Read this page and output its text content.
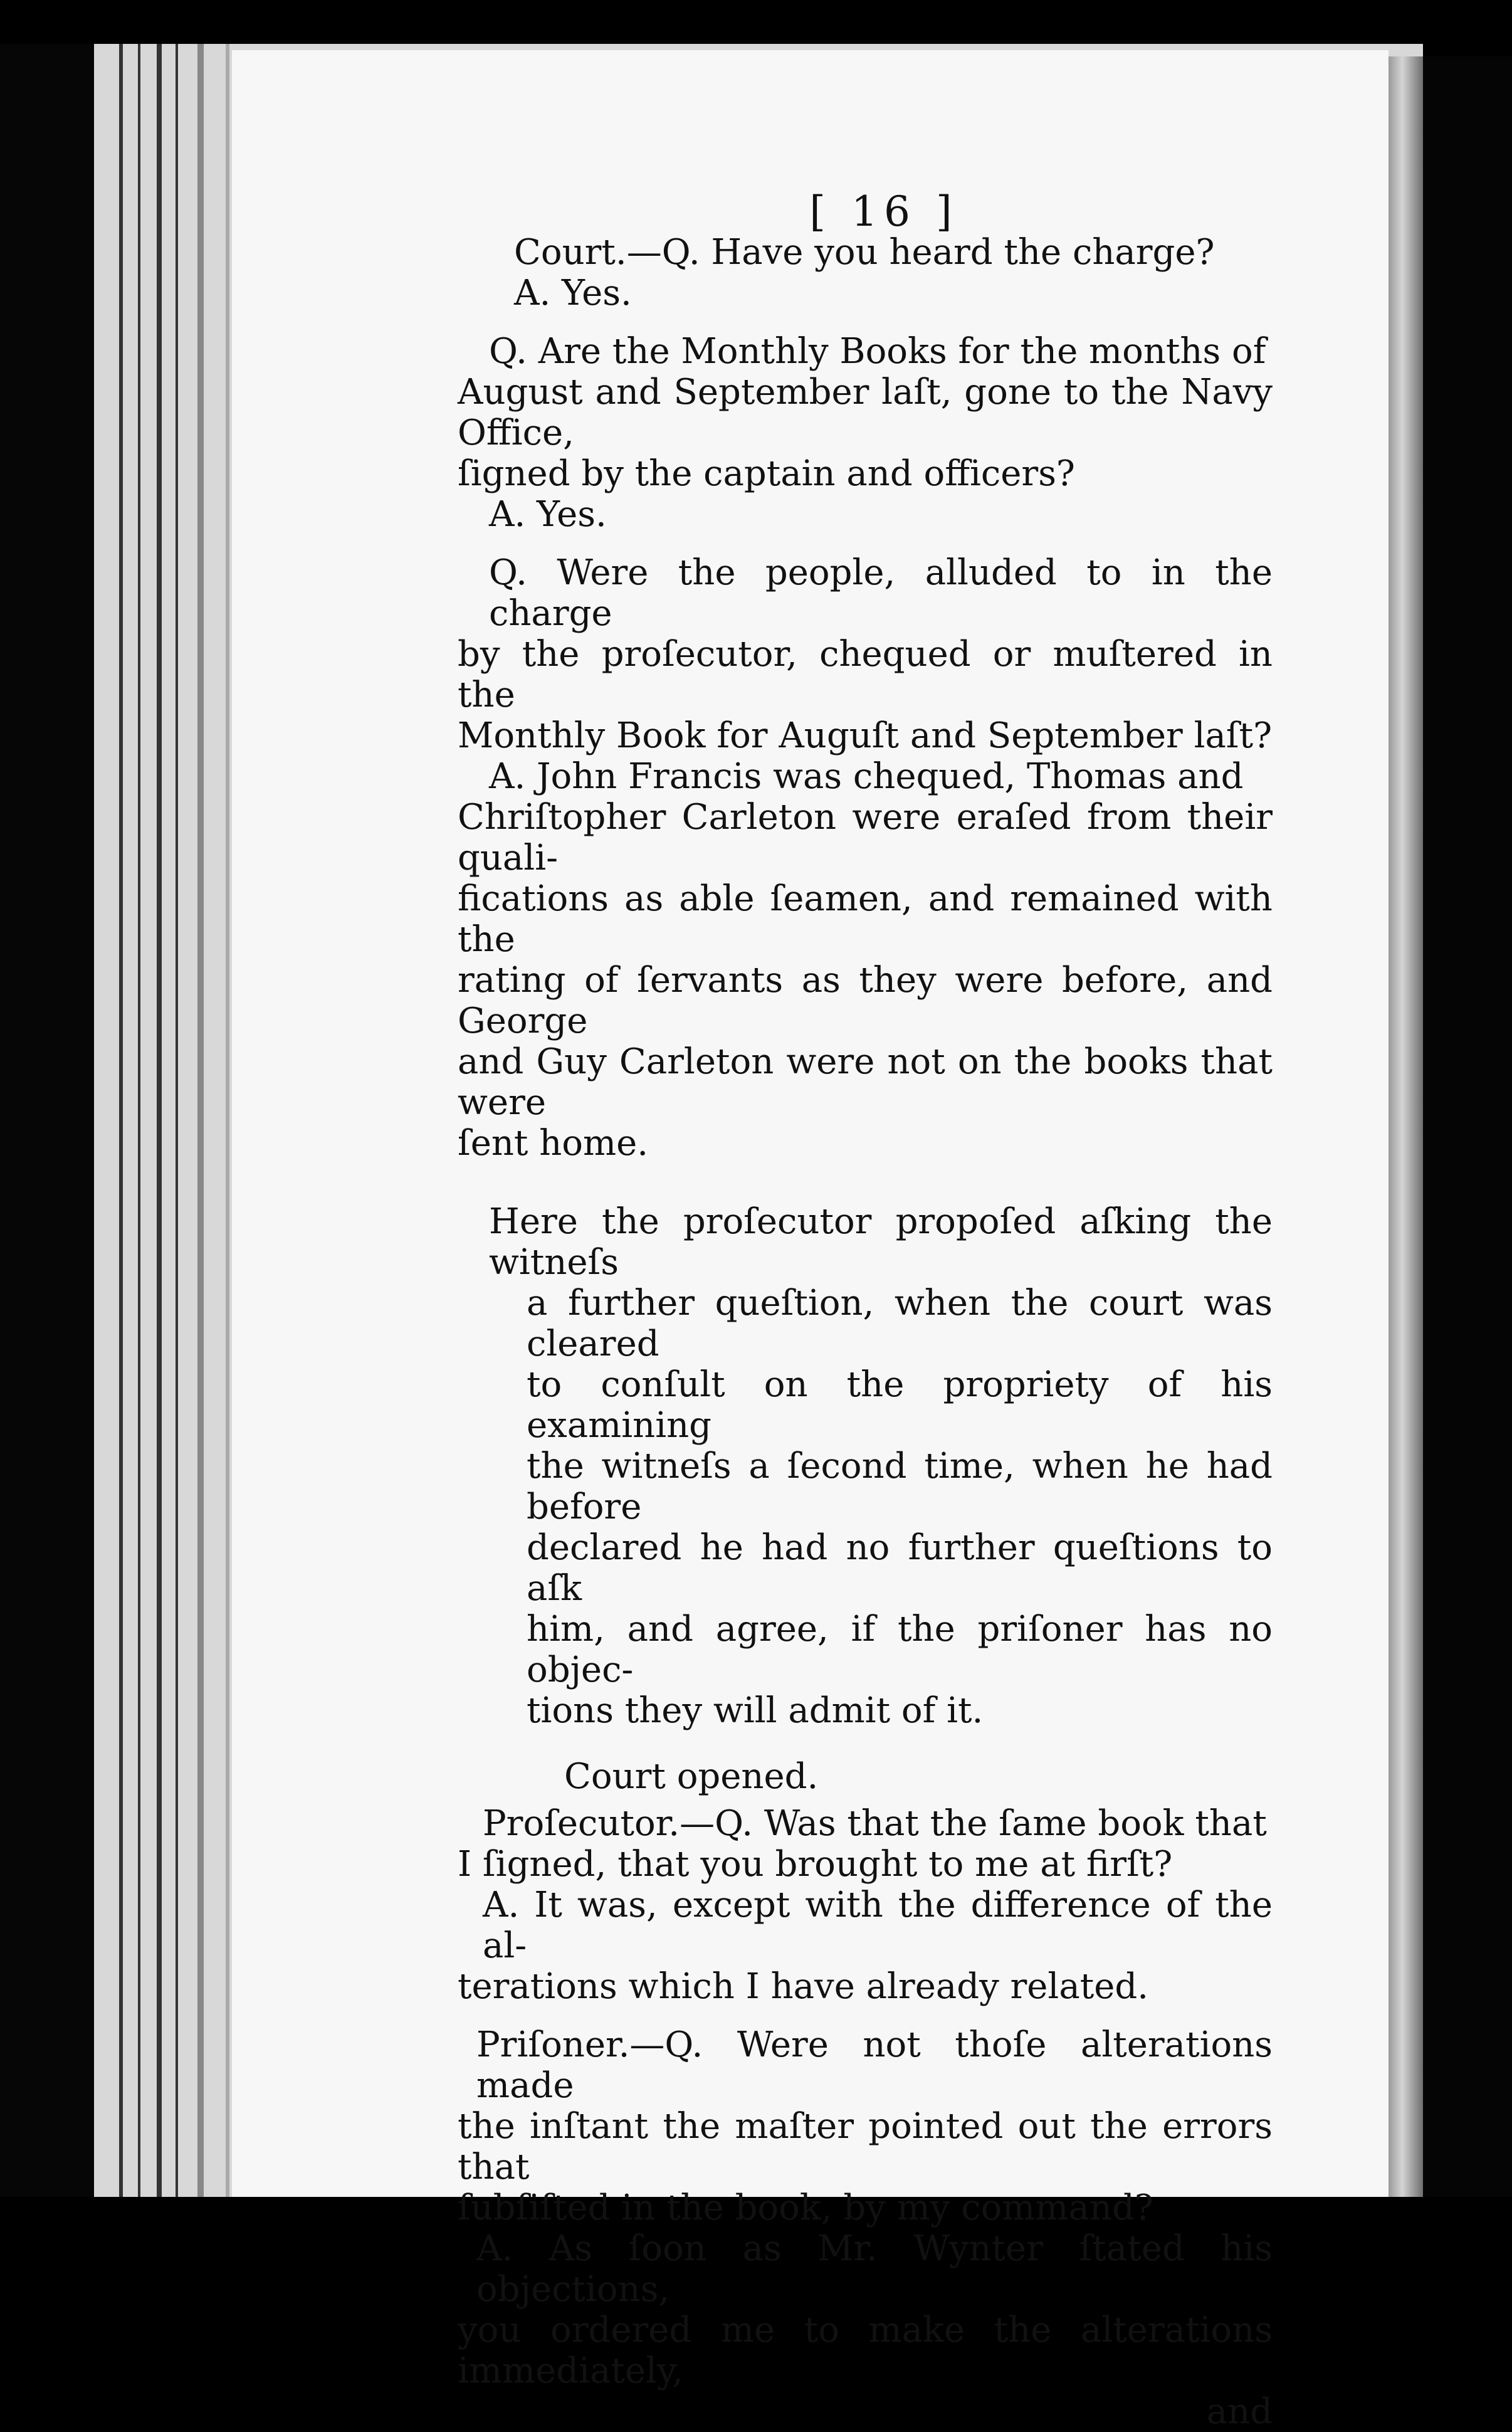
[ 16 ]

Court.—Q. Have you heard the charge?
A. Yes.

Q. Are the Monthly Books for the months of
August and September laſt, gone to the Navy Office,
ſigned by the captain and officers?
A. Yes.

Q. Were the people, alluded to in the charge
by the proſecutor, chequed or muſtered in the
Monthly Book for Auguſt and September laſt?

A. John Francis was chequed, Thomas and
Chriſtopher Carleton were eraſed from their quali-
fications as able ſeamen, and remained with the
rating of ſervants as they were before, and George
and Guy Carleton were not on the books that were
ſent home.

Here the proſecutor propoſed aſking the witneſs
a further queſtion, when the court was cleared
to conſult on the propriety of his examining
the witneſs a ſecond time, when he had before
declared he had no further queſtions to aſk
him, and agree, if the priſoner has no objec-
tions they will admit of it.

Court opened.

Proſecutor.—Q. Was that the ſame book that
I ſigned, that you brought to me at firſt?

A. It was, except with the difference of the al-
terations which I have already related.

Priſoner.—Q. Were not thoſe alterations made
the inſtant the maſter pointed out the errors that
ſubſiſted in the book, by my command?

A. As ſoon as Mr. Wynter ſtated his objections,
you ordered me to make the alterations immediately,

and
